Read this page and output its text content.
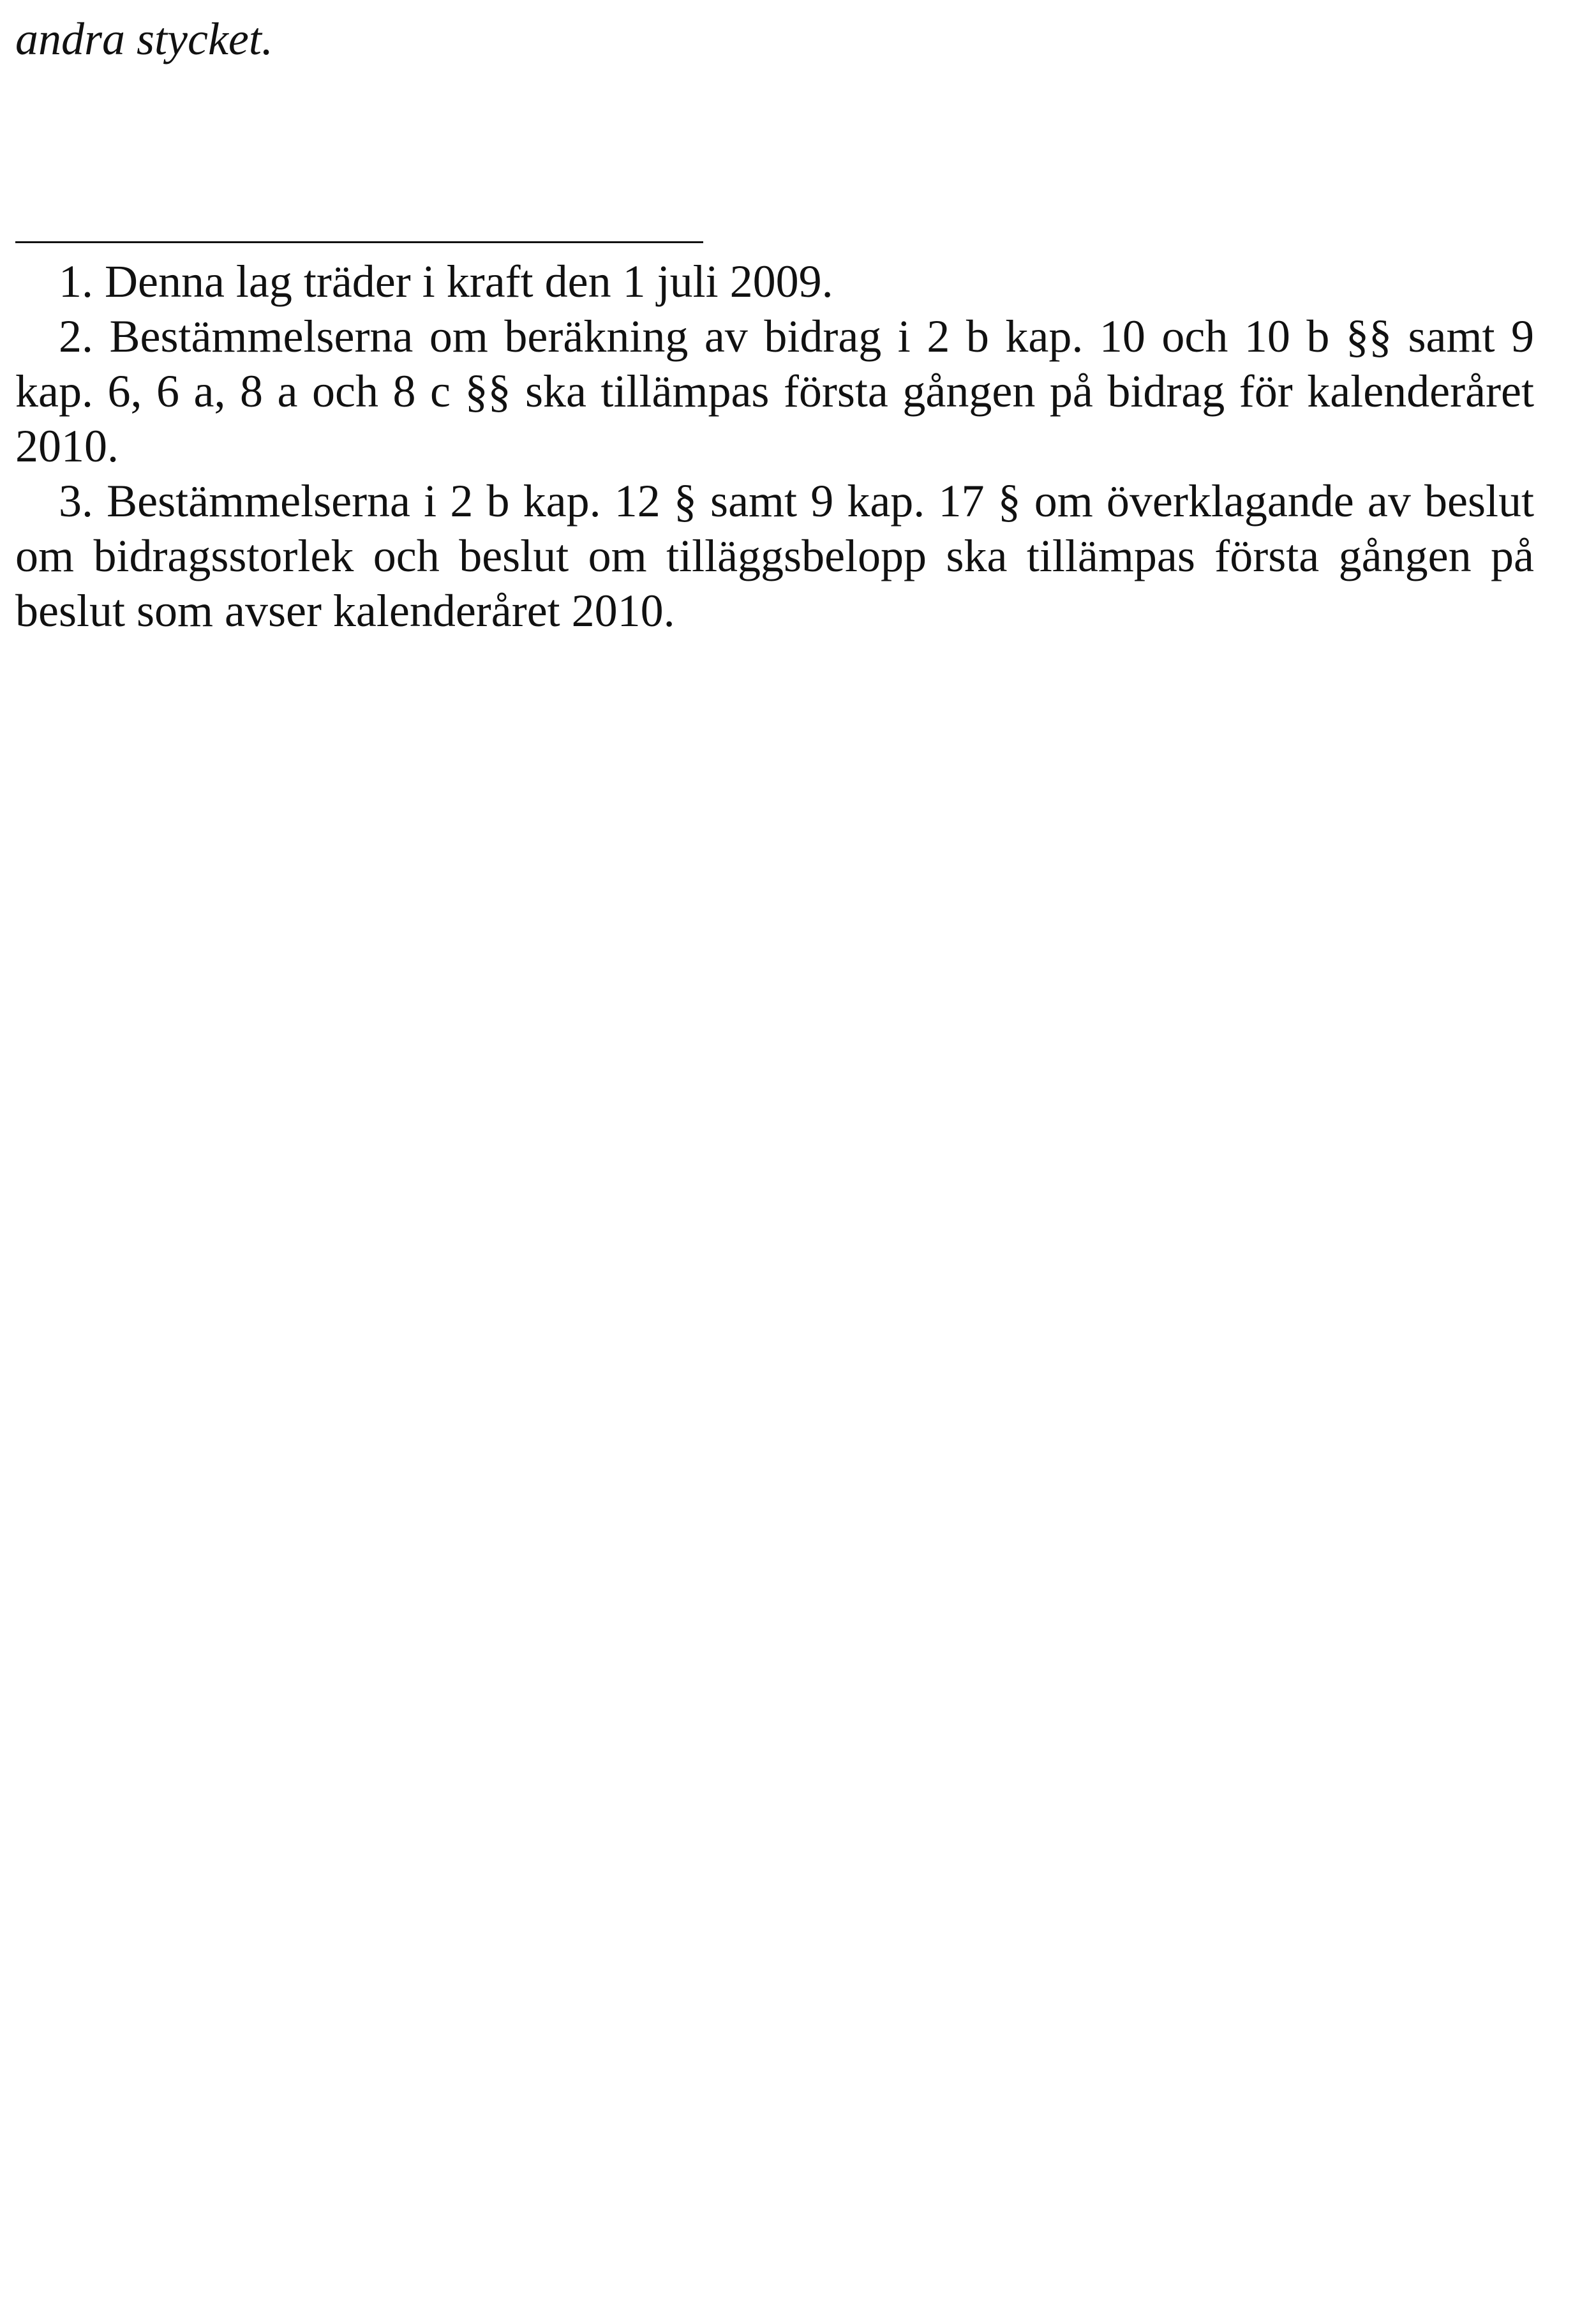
andra stycket.

1. Denna lag träder i kraft den 1 juli 2009.

2. Bestämmelserna om beräkning av bidrag i 2 b kap. 10 och 10 b §§ samt 9 kap. 6, 6 a, 8 a och 8 c §§ ska tillämpas första gången på bidrag för kalenderåret 2010.

3. Bestämmelserna i 2 b kap. 12 § samt 9 kap. 17 § om överklagande av beslut om bidragsstorlek och beslut om tilläggsbelopp ska tillämpas första gången på beslut som avser kalenderåret 2010.
